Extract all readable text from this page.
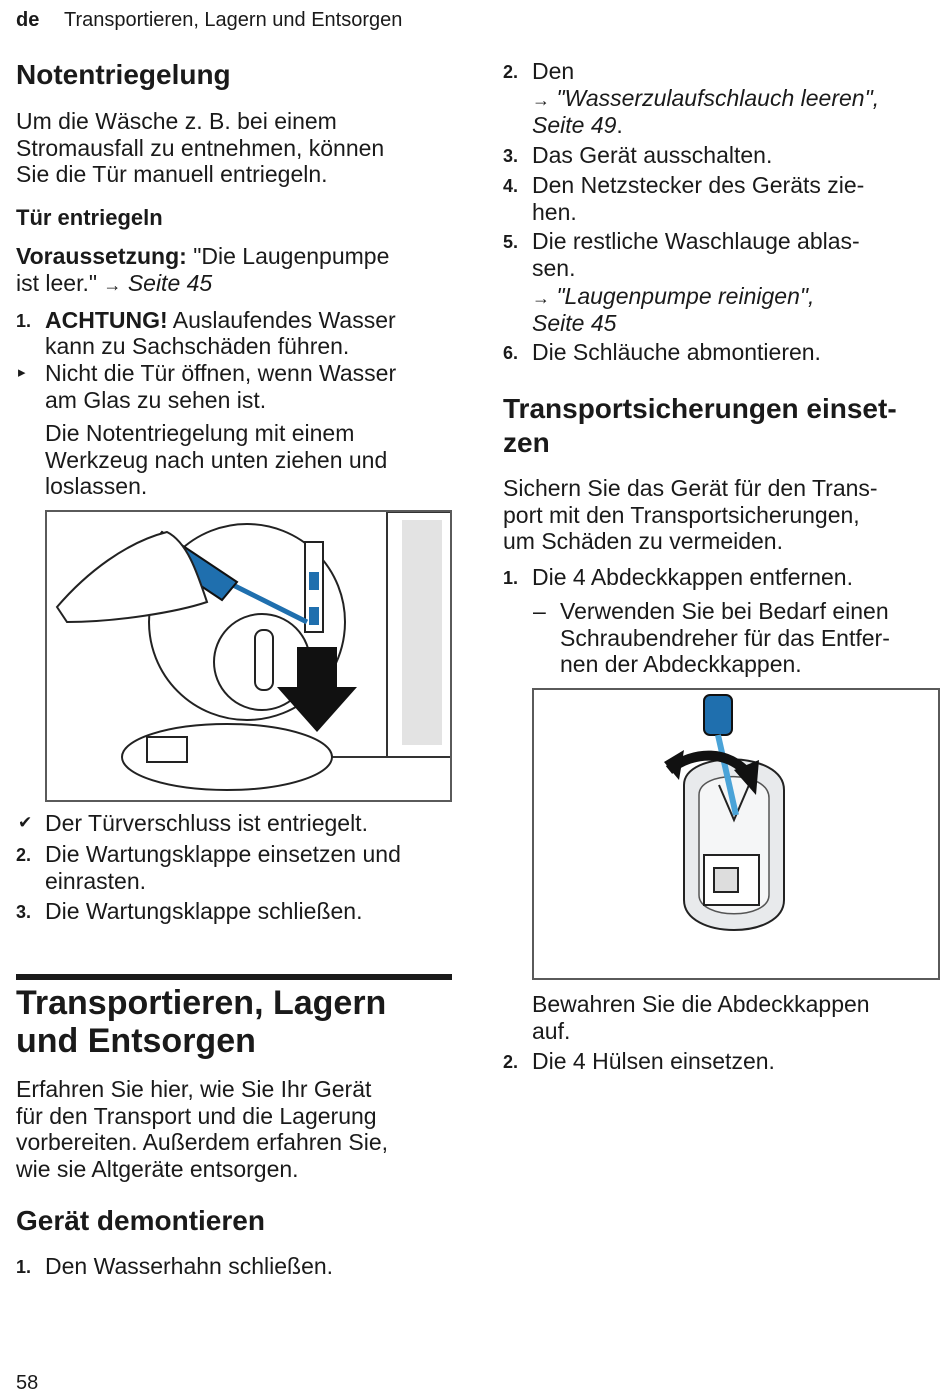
de Transportieren, Lagern und Entsorgen
Notentriegelung
Um die Wäsche z. B. bei einem
Stromausfall zu entnehmen, können
Sie die Tür manuell entriegeln.
Tür entriegeln
Voraussetzung: "Die Laugenpumpe
ist leer." → Seite 45
1. ACHTUNG! Auslaufendes Wasser
kann zu Sachschäden führen.
▸ Nicht die Tür öffnen, wenn Wasser
am Glas zu sehen ist.
Die Notentriegelung mit einem
Werkzeug nach unten ziehen und
loslassen.
✔ Der Türverschluss ist entriegelt.
2. Die Wartungsklappe einsetzen und
einrasten.
3. Die Wartungsklappe schließen.
Transportieren, Lagern
und Entsorgen
Erfahren Sie hier, wie Sie Ihr Gerät
für den Transport und die Lagerung
vorbereiten. Außerdem erfahren Sie,
wie sie Altgeräte entsorgen.
Gerät demontieren
1. Den Wasserhahn schließen.
2. Den
→ "Wasserzulaufschlauch leeren",
Seite 49.
3. Das Gerät ausschalten.
4. Den Netzstecker des Geräts zie-
hen.
5. Die restliche Waschlauge ablas-
sen.
→ "Laugenpumpe reinigen",
Seite 45
6. Die Schläuche abmontieren.
Transportsicherungen einset-
zen
Sichern Sie das Gerät für den Trans-
port mit den Transportsicherungen,
um Schäden zu vermeiden.
1. Die 4 Abdeckkappen entfernen.
– Verwenden Sie bei Bedarf einen
Schraubendreher für das Entfer-
nen der Abdeckkappen.
Bewahren Sie die Abdeckkappen
auf.
2. Die 4 Hülsen einsetzen.
58
